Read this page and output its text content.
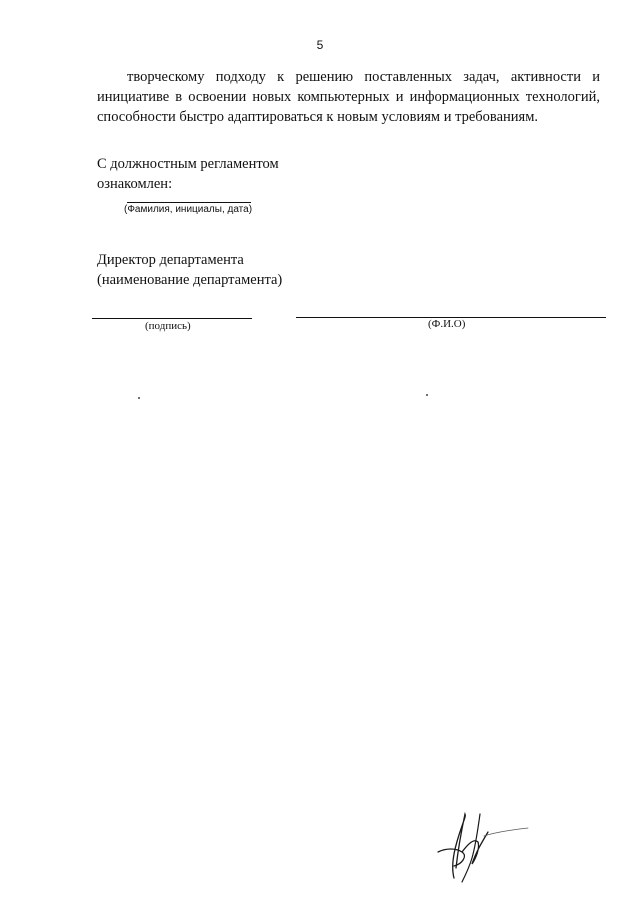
5

творческому подходу к решению поставленных задач, активности и инициативе в освоении новых компьютерных и информационных технологий, способности быстро адаптироваться к новым условиям и требованиям.

С должностным регламентом
ознакомлен:
(Фамилия, инициалы, дата)
Директор департамента
(наименование департамента)
(подпись)	(Ф.И.О)
